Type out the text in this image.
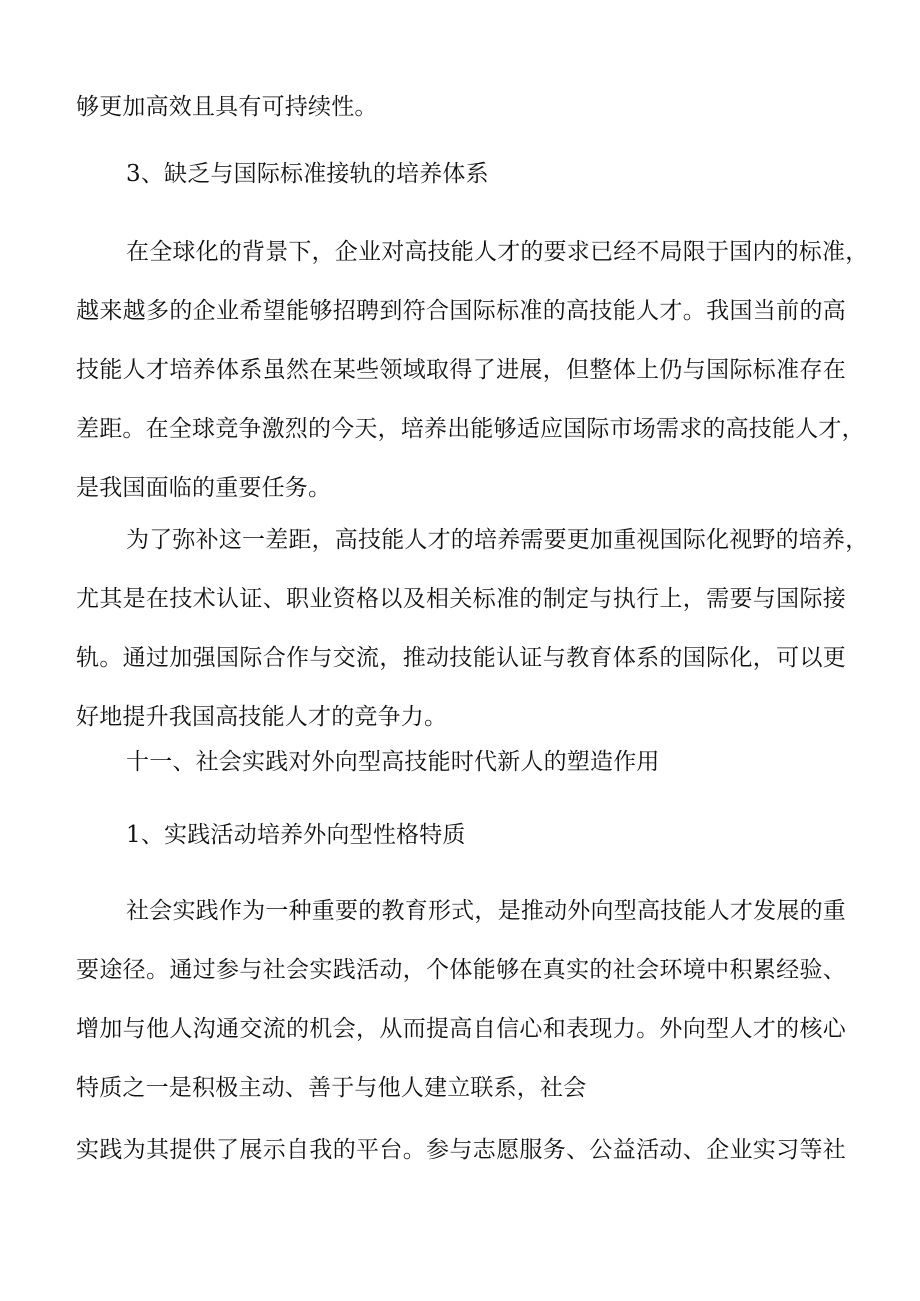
够更加高效且具有可持续性。
3、缺乏与国际标准接轨的培养体系
在全球化的背景下，企业对高技能人才的要求已经不局限于国内的标准，
越来越多的企业希望能够招聘到符合国际标准的高技能人才。我国当前的高
技能人才培养体系虽然在某些领域取得了进展，但整体上仍与国际标准存在
差距。在全球竞争激烈的今天，培养出能够适应国际市场需求的高技能人才，
是我国面临的重要任务。
为了弥补这一差距，高技能人才的培养需要更加重视国际化视野的培养，
尤其是在技术认证、职业资格以及相关标准的制定与执行上，需要与国际接
轨。通过加强国际合作与交流，推动技能认证与教育体系的国际化，可以更
好地提升我国高技能人才的竞争力。
十一、社会实践对外向型高技能时代新人的塑造作用
1、实践活动培养外向型性格特质
社会实践作为一种重要的教育形式，是推动外向型高技能人才发展的重
要途径。通过参与社会实践活动，个体能够在真实的社会环境中积累经验、
增加与他人沟通交流的机会，从而提高自信心和表现力。外向型人才的核心
特质之一是积极主动、善于与他人建立联系，社会
实践为其提供了展示自我的平台。参与志愿服务、公益活动、企业实习等社
